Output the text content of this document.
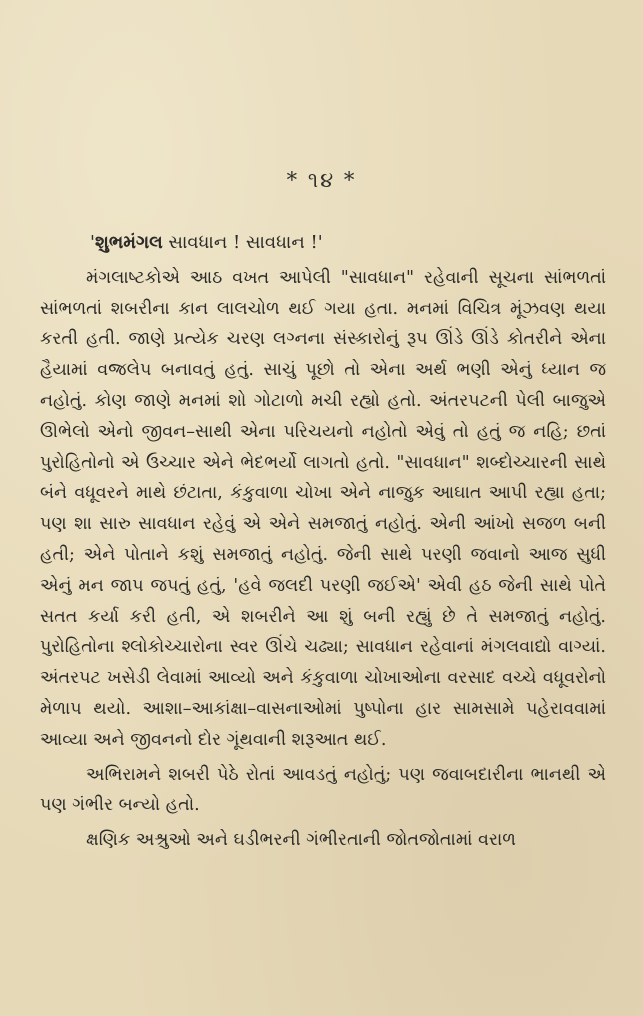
* ૧૪ *

'શુભમંગલ સાવધાન ! સાવધાન !'

મંગલાષ્ટકોએ આઠ વખત આપેલી "સાવધાન" રહેવાની સૂચના સાંભળતાં સાંભળતાં શબરીના કાન લાલચોળ થઈ ગયા હતા. મનમાં વિચિત્ર મૂંઝવણ થયા કરતી હતી. જાણે પ્રત્યેક ચરણ લગ્નના સંસ્કારોનું રૂપ ઊંડે ઊંડે કોતરીને એના હૈયામાં વજ્રલેપ બનાવતું હતું. સાચું પૂછો તો એના અર્થ ભણી એનું ધ્યાન જ નહોતું. કોણ જાણે મનમાં શો ગોટાળો મચી રહ્યો હતો. અંતરપટની પેલી બાજુએ ઊભેલો એનો જીવન–સાથી એના પરિચયનો નહોતો એવું તો હતું જ નહિ; છતાં પુરોહિતોનો એ ઉચ્ચાર એને ભેદભર્યો લાગતો હતો. "સાવધાન" શબ્દોચ્ચારની સાથે બંને વધૂવરને માથે છંટાતા, કંકુવાળા ચોખા એને નાજુક આઘાત આપી રહ્યા હતા; પણ શા સારુ સાવધાન રહેવું એ એને સમજાતું નહોતું. એની આંખો સજળ બની હતી; એને પોતાને કશું સમજાતું નહોતું. જેની સાથે પરણી જવાનો આજ સુધી એનું મન જાપ જપતું હતું, 'હવે જલદી પરણી જઈએ' એવી હઠ જેની સાથે પોતે સતત કર્યા કરી હતી, એ શબરીને આ શું બની રહ્યું છે તે સમજાતું નહોતું. પુરોહિતોના શ્લોકોચ્ચારોના સ્વર ઊંચે ચઢ્યા; સાવધાન રહેવાનાં મંગલવાદ્યો વાગ્યાં. અંતરપટ ખસેડી લેવામાં આવ્યો અને કંકુવાળા ચોખાઓના વરસાદ વચ્ચે વધૂવરોનો મેળાપ થયો. આશા–આકાંક્ષા–વાસનાઓમાં પુષ્પોના હાર સામસામે પહેરાવવામાં આવ્યા અને જીવનનો દોર ગૂંથવાની શરૂઆત થઈ.

અભિરામને શબરી પેઠે રોતાં આવડતું નહોતું; પણ જવાબદારીના ભાનથી એ પણ ગંભીર બન્યો હતો.

ક્ષણિક અશ્રુઓ અને ઘડીભરની ગંભીરતાની જોતજોતામાં વરાળ
